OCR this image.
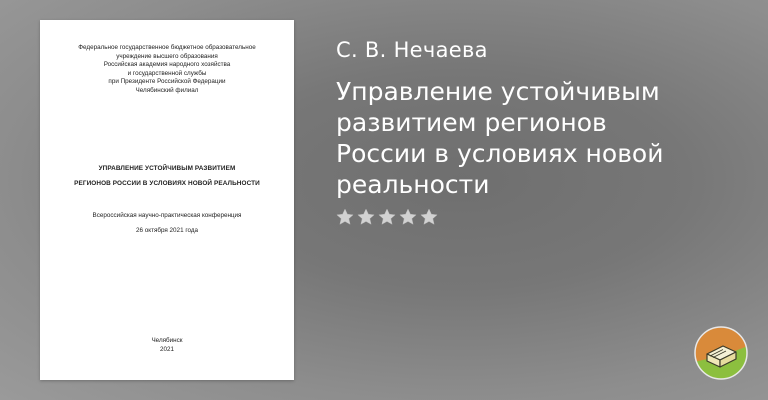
Федеральное государственное бюджетное образовательное
учреждение высшего образования
Российская академия народного хозяйства
и государственной службы
при Президенте Российской Федерации
Челябинский филиал
УПРАВЛЕНИЕ УСТОЙЧИВЫМ РАЗВИТИЕМ
РЕГИОНОВ РОССИИ В УСЛОВИЯХ НОВОЙ РЕАЛЬНОСТИ
Всероссийская научно-практическая конференция
26 октября 2021 года
Челябинск
2021
С. В. Нечаева
Управление устойчивым
развитием регионов
России в условиях новой
реальности
